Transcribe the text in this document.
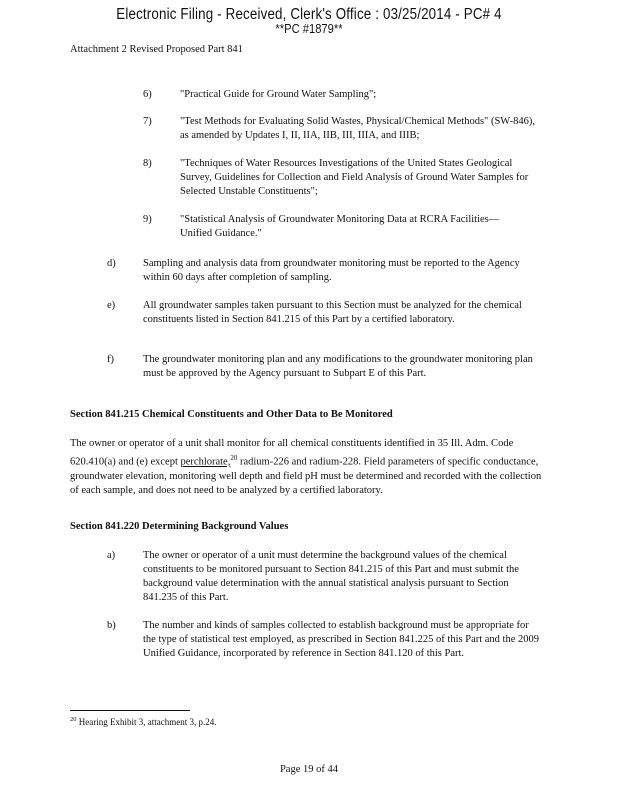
Electronic Filing - Received, Clerk's Office : 03/25/2014 - PC# 4
**PC #1879**
Attachment 2 Revised Proposed Part 841
6)	"Practical Guide for Ground Water Sampling";
7)	"Test Methods for Evaluating Solid Wastes, Physical/Chemical Methods" (SW-846), as amended by Updates I, II, IIA, IIB, III, IIIA, and IIIB;
8)	"Techniques of Water Resources Investigations of the United States Geological Survey, Guidelines for Collection and Field Analysis of Ground Water Samples for Selected Unstable Constituents";
9)	"Statistical Analysis of Groundwater Monitoring Data at RCRA Facilities—Unified Guidance."
d)	Sampling and analysis data from groundwater monitoring must be reported to the Agency within 60 days after completion of sampling.
e)	All groundwater samples taken pursuant to this Section must be analyzed for the chemical constituents listed in Section 841.215 of this Part by a certified laboratory.
f)	The groundwater monitoring plan and any modifications to the groundwater monitoring plan must be approved by the Agency pursuant to Subpart E of this Part.
Section 841.215 Chemical Constituents and Other Data to Be Monitored
The owner or operator of a unit shall monitor for all chemical constituents identified in 35 Ill. Adm. Code 620.410(a) and (e) except perchlorate,$^{20}$ radium-226 and radium-228. Field parameters of specific conductance, groundwater elevation, monitoring well depth and field pH must be determined and recorded with the collection of each sample, and does not need to be analyzed by a certified laboratory.
Section 841.220 Determining Background Values
a)	The owner or operator of a unit must determine the background values of the chemical constituents to be monitored pursuant to Section 841.215 of this Part and must submit the background value determination with the annual statistical analysis pursuant to Section 841.235 of this Part.
b)	The number and kinds of samples collected to establish background must be appropriate for the type of statistical test employed, as prescribed in Section 841.225 of this Part and the 2009 Unified Guidance, incorporated by reference in Section 841.120 of this Part.
$^{20}$ Hearing Exhibit 3, attachment 3, p.24.
Page 19 of 44
